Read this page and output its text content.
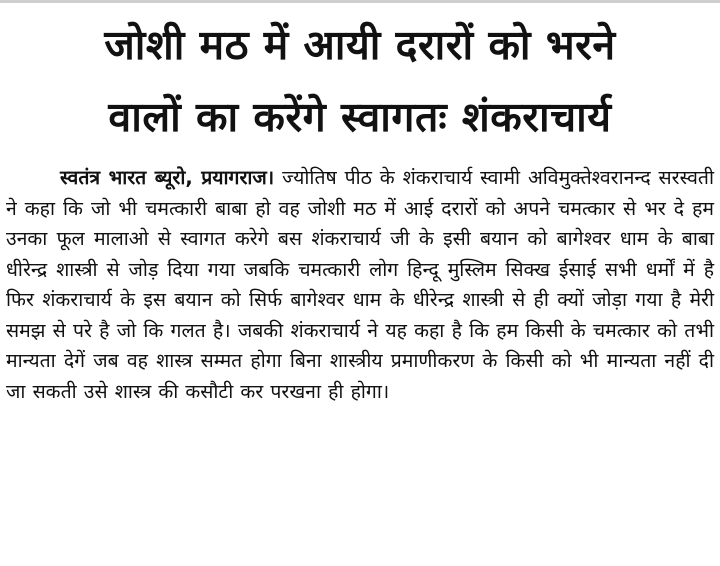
जोशी मठ में आयी दरारों को भरने
वालों का करेंगे स्वागतः शंकराचार्य

स्वतंत्र भारत ब्यूरो, प्रयागराज। ज्योतिष पीठ के शंकराचार्य स्वामी अविमुक्तेश्वरानन्द सरस्वती ने कहा कि जो भी चमत्कारी बाबा हो वह जोशी मठ में आई दरारों को अपने चमत्कार से भर दे हम उनका फूल मालाओ से स्वागत करेगे बस शंकराचार्य जी के इसी बयान को बागेश्वर धाम के बाबा धीरेन्द्र शास्त्री से जोड़ दिया गया जबकि चमत्कारी लोग हिन्दू मुस्लिम सिक्ख ईसाई सभी धर्मों में है फिर शंकराचार्य के इस बयान को सिर्फ बागेश्वर धाम के धीरेन्द्र शास्त्री से ही क्यों जोड़ा गया है मेरी समझ से परे है जो कि गलत है। जबकी शंकराचार्य ने यह कहा है कि हम किसी के चमत्कार को तभी मान्यता देगें जब वह शास्त्र सम्मत होगा बिना शास्त्रीय प्रमाणीकरण के किसी को भी मान्यता नहीं दी जा सकती उसे शास्त्र की कसौटी कर परखना ही होगा।
